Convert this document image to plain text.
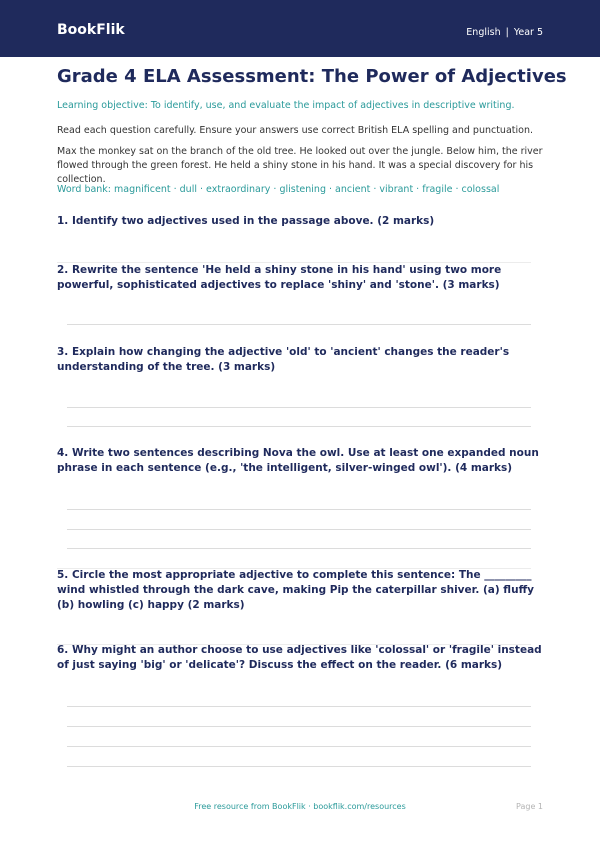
BookFlik	English | Year 5
Grade 4 ELA Assessment: The Power of Adjectives

Learning objective: To identify, use, and evaluate the impact of adjectives in descriptive writing.

Read each question carefully. Ensure your answers use correct British ELA spelling and punctuation.

Max the monkey sat on the branch of the old tree. He looked out over the jungle. Below him, the river flowed through the green forest. He held a shiny stone in his hand. It was a special discovery for his collection.

Word bank: magnificent · dull · extraordinary · glistening · ancient · vibrant · fragile · colossal

1. Identify two adjectives used in the passage above. (2 marks)

2. Rewrite the sentence 'He held a shiny stone in his hand' using two more powerful, sophisticated adjectives to replace 'shiny' and 'stone'. (3 marks)

3. Explain how changing the adjective 'old' to 'ancient' changes the reader's understanding of the tree. (3 marks)

4. Write two sentences describing Nova the owl. Use at least one expanded noun phrase in each sentence (e.g., 'the intelligent, silver-winged owl'). (4 marks)

5. Circle the most appropriate adjective to complete this sentence: The _________ wind whistled through the dark cave, making Pip the caterpillar shiver. (a) fluffy (b) howling (c) happy (2 marks)

6. Why might an author choose to use adjectives like 'colossal' or 'fragile' instead of just saying 'big' or 'delicate'? Discuss the effect on the reader. (6 marks)

Free resource from BookFlik · bookflik.com/resources	Page 1
